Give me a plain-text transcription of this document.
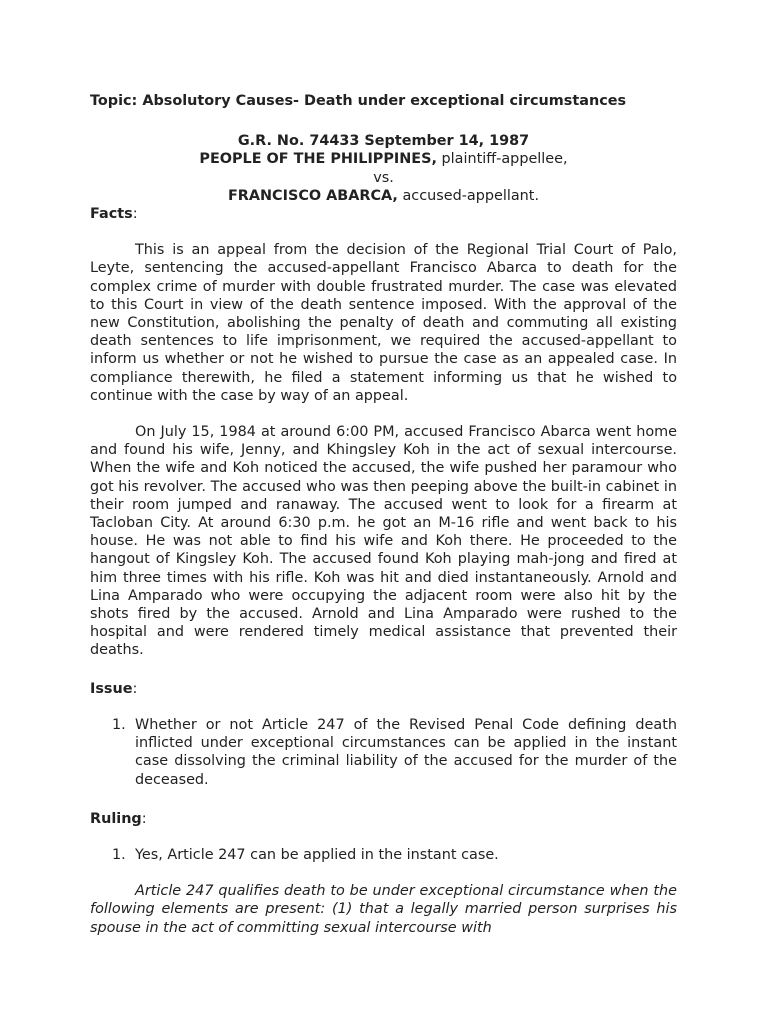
Topic: Absolutory Causes- Death under exceptional circumstances
G.R. No. 74433 September 14, 1987
PEOPLE OF THE PHILIPPINES, plaintiff-appellee,
vs.
FRANCISCO ABARCA, accused-appellant.
Facts:

This is an appeal from the decision of the Regional Trial Court of Palo, Leyte, sentencing the accused-appellant Francisco Abarca to death for the complex crime of murder with double frustrated murder. The case was elevated to this Court in view of the death sentence imposed. With the approval of the new Constitution, abolishing the penalty of death and commuting all existing death sentences to life imprisonment, we required the accused-appellant to inform us whether or not he wished to pursue the case as an appealed case. In compliance therewith, he filed a statement informing us that he wished to continue with the case by way of an appeal.

On July 15, 1984 at around 6:00 PM, accused Francisco Abarca went home and found his wife, Jenny, and Khingsley Koh in the act of sexual intercourse. When the wife and Koh noticed the accused, the wife pushed her paramour who got his revolver. The accused who was then peeping above the built-in cabinet in their room jumped and ranaway. The accused went to look for a firearm at Tacloban City. At around 6:30 p.m. he got an M-16 rifle and went back to his house. He was not able to find his wife and Koh there. He proceeded to the hangout of Kingsley Koh. The accused found Koh playing mah-jong and fired at him three times with his rifle. Koh was hit and died instantaneously. Arnold and Lina Amparado who were occupying the adjacent room were also hit by the shots fired by the accused. Arnold and Lina Amparado were rushed to the hospital and were rendered timely medical assistance that prevented their deaths.

Issue:
1. Whether or not Article 247 of the Revised Penal Code defining death inflicted under exceptional circumstances can be applied in the instant case dissolving the criminal liability of the accused for the murder of the deceased.
Ruling:
1. Yes, Article 247 can be applied in the instant case.

Article 247 qualifies death to be under exceptional circumstance when the following elements are present: (1) that a legally married person surprises his spouse in the act of committing sexual intercourse with
